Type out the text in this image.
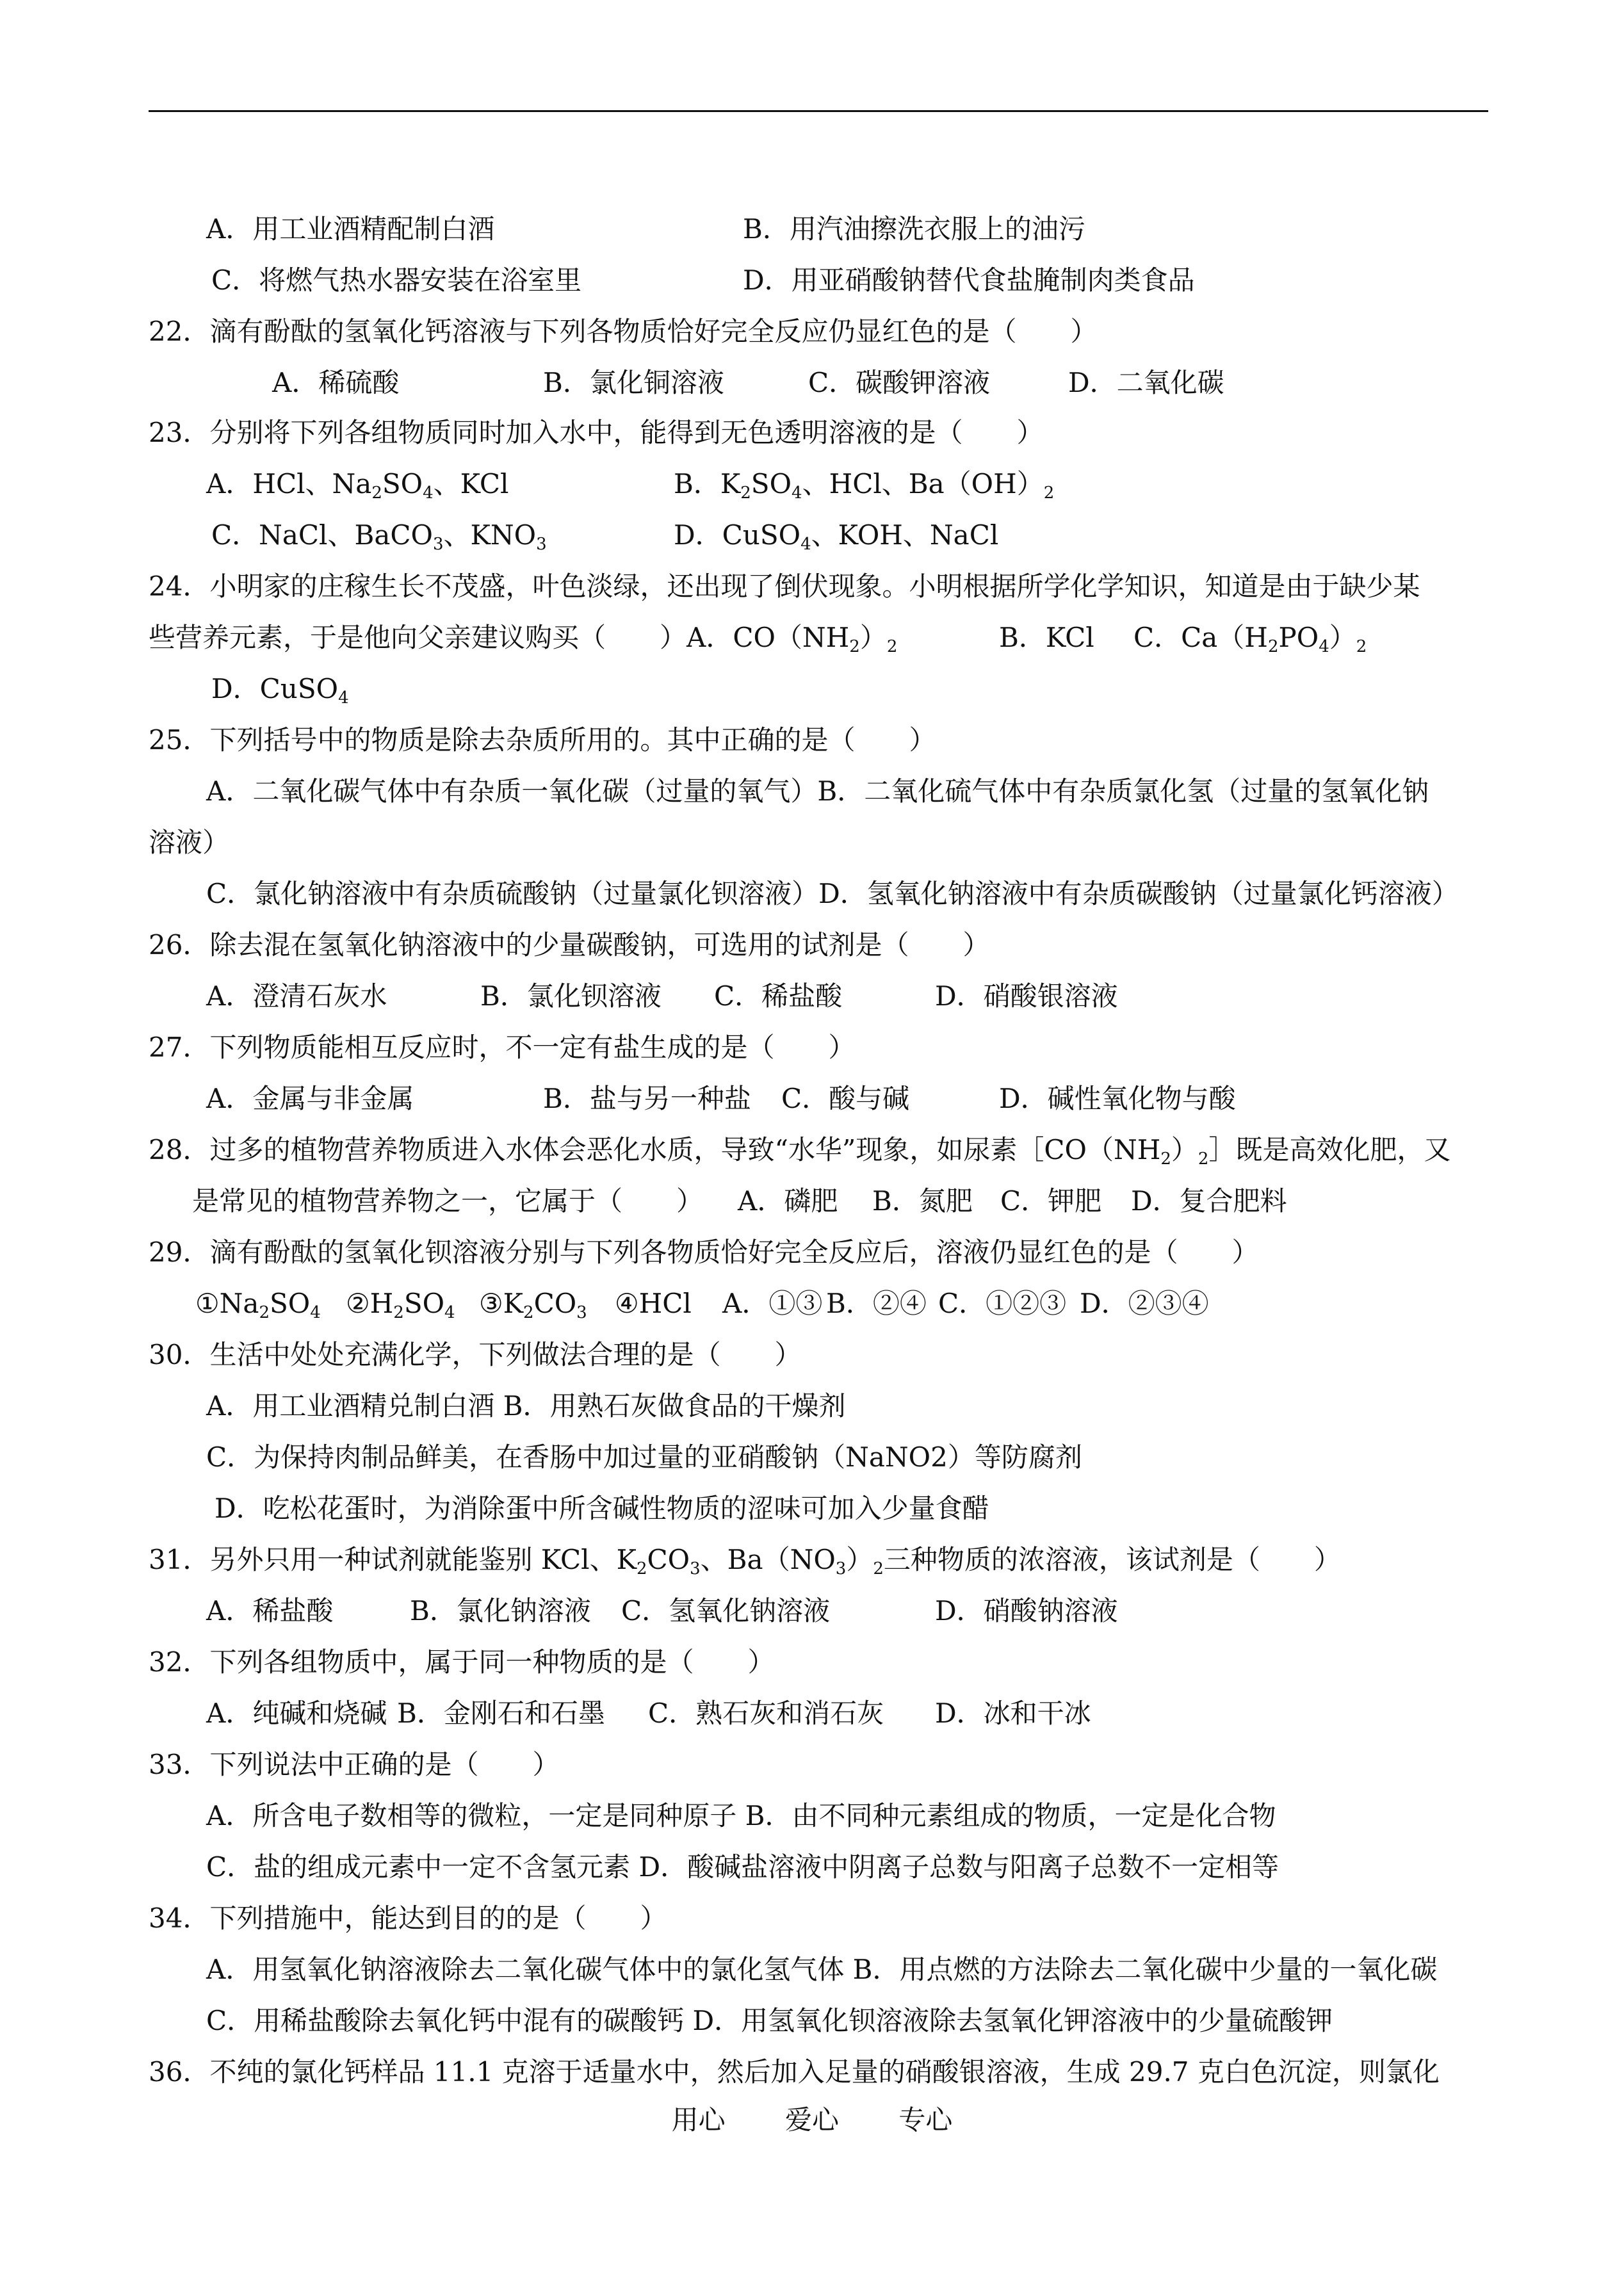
A．用工业酒精配制白酒	B．用汽油擦洗衣服上的油污
C．将燃气热水器安装在浴室里	D．用亚硝酸钠替代食盐腌制肉类食品
22．滴有酚酞的氢氧化钙溶液与下列各物质恰好完全反应仍显红色的是（　　）
A．稀硫酸	B．氯化铜溶液	C．碳酸钾溶液	D．二氧化碳
23．分别将下列各组物质同时加入水中，能得到无色透明溶液的是（　　）
A．HCl、$Na_2SO_4$、KCl	B．$K_2SO_4$、HCl、$Ba(OH)_2$
C．NaCl、BaCO$_3$、$KNO_3$	D．CuSO$_4$、KOH、NaCl
24．小明家的庄稼生长不茂盛，叶色淡绿，还出现了倒伏现象。小明根据所学化学知识，知道是由于缺少某
些营养元素，于是他向父亲建议购买（　　）A．$CO(NH_2)_2$	B．KCl C．$Ca(H_2PO_4)_2$
D．CuSO$_4$
25．下列括号中的物质是除去杂质所用的。其中正确的是（　　）
A．二氧化碳气体中有杂质一氧化碳（过量的氧气）B．二氧化硫气体中有杂质氯化氢（过量的氢氧化钠
溶液）
C．氯化钠溶液中有杂质硫酸钠（过量氯化钡溶液）D．氢氧化钠溶液中有杂质碳酸钠（过量氯化钙溶液）
26．除去混在氢氧化钠溶液中的少量碳酸钠，可选用的试剂是（　　）
A．澄清石灰水	B．氯化钡溶液 C．稀盐酸	D．硝酸银溶液
27．下列物质能相互反应时，不一定有盐生成的是（　　）
A．金属与非金属	B．盐与另一种盐 C．酸与碱	D．碱性氧化物与酸
28．过多的植物营养物质进入水体会恶化水质，导致“水华”现象，如尿素$[CO(NH_2)_2]$既是高效化肥，又
是常见的植物营养物之一，它属于（　　） A．磷肥 B．氮肥 C．钾肥 D．复合肥料
29．滴有酚酞的氢氧化钡溶液分别与下列各物质恰好完全反应后，溶液仍显红色的是（　　）
$①Na_2SO_4$ $②H_2SO_4$ $③K_2CO_3$ ④HCl A．①③ B．②④ C．①②③ D．②③④
30．生活中处处充满化学，下列做法合理的是（　　）
A．用工业酒精兑制白酒 B．用熟石灰做食品的干燥剂
C．为保持肉制品鲜美，在香肠中加过量的亚硝酸钠（NaNO2）等防腐剂
D．吃松花蛋时，为消除蛋中所含碱性物质的涩味可加入少量食醋
31．另外只用一种试剂就能鉴别 KCl、$K_2CO_3$、$Ba(NO_3)_2$三种物质的浓溶液，该试剂是（　　）
A．稀盐酸	B．氯化钠溶液 C．氢氧化钠溶液	D．硝酸钠溶液
32．下列各组物质中，属于同一种物质的是（　　）
A．纯碱和烧碱 B．金刚石和石墨 C．熟石灰和消石灰 D．冰和干冰
33．下列说法中正确的是（　　）
A．所含电子数相等的微粒，一定是同种原子 B．由不同种元素组成的物质，一定是化合物
C．盐的组成元素中一定不含氢元素 D．酸碱盐溶液中阴离子总数与阳离子总数不一定相等
34．下列措施中，能达到目的的是（　　）
A．用氢氧化钠溶液除去二氧化碳气体中的氯化氢气体 B．用点燃的方法除去二氧化碳中少量的一氧化碳
C．用稀盐酸除去氧化钙中混有的碳酸钙 D．用氢氧化钡溶液除去氢氧化钾溶液中的少量硫酸钾
36．不纯的氯化钙样品 11.1 克溶于适量水中，然后加入足量的硝酸银溶液，生成 29.7 克白色沉淀，则氯化
用心 爱心 专心
